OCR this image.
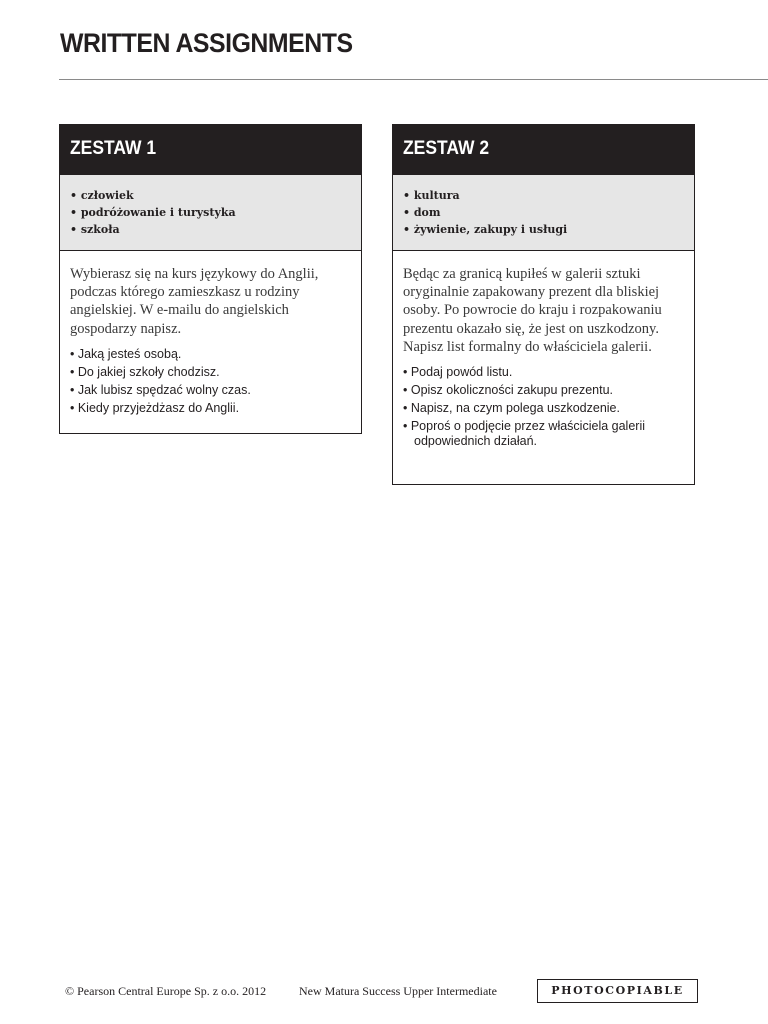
WRITTEN ASSIGNMENTS
ZESTAW 1
• człowiek
• podróżowanie i turystyka
• szkoła

Wybierasz się na kurs językowy do Anglii, podczas którego zamieszkasz u rodziny angielskiej. W e-mailu do angielskich gospodarzy napisz.

• Jaką jesteś osobą.
• Do jakiej szkoły chodzisz.
• Jak lubisz spędzać wolny czas.
• Kiedy przyjeżdżasz do Anglii.
ZESTAW 2
• kultura
• dom
• żywienie, zakupy i usługi

Będąc za granicą kupiłeś w galerii sztuki oryginalnie zapakowany prezent dla bliskiej osoby. Po powrocie do kraju i rozpakowaniu prezentu okazało się, że jest on uszkodzony. Napisz list formalny do właściciela galerii.

• Podaj powód listu.
• Opisz okoliczności zakupu prezentu.
• Napisz, na czym polega uszkodzenie.
• Poproś o podjęcie przez właściciela galerii odpowiednich działań.
© Pearson Central Europe Sp. z o.o. 2012	New Matura Success Upper Intermediate	PHOTOCOPIABLE
